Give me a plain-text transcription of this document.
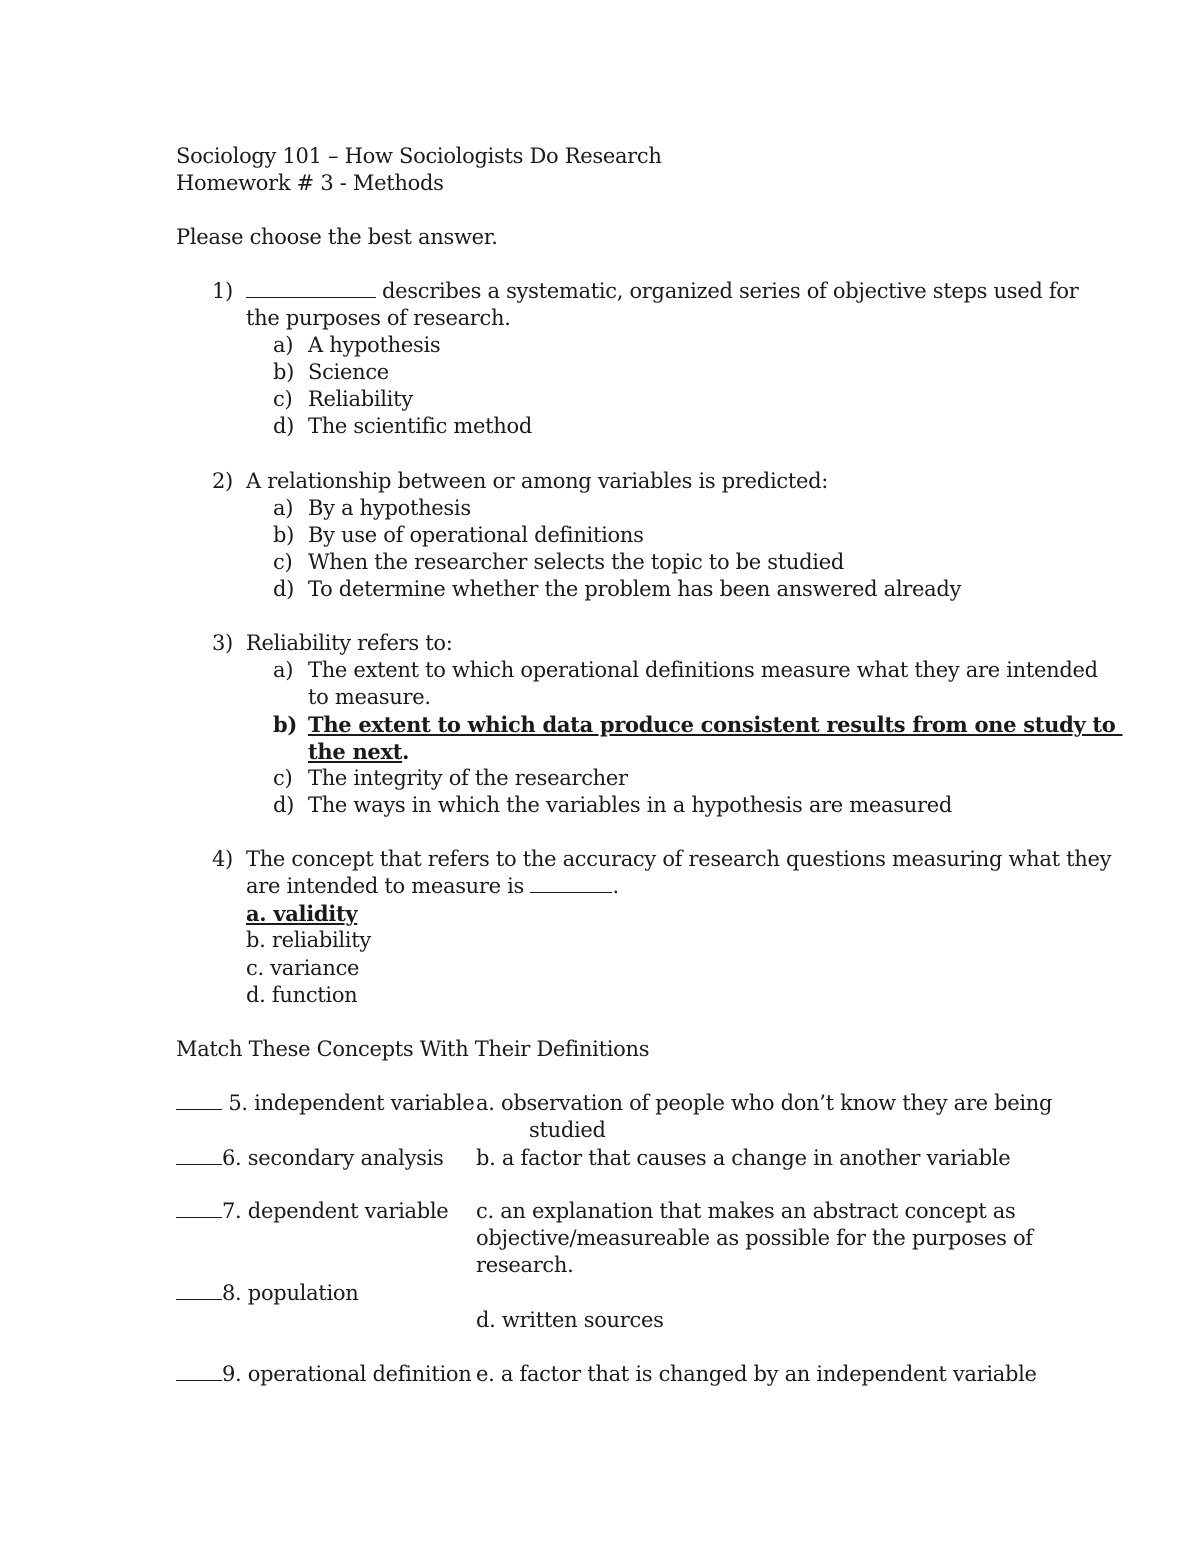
Sociology 101 – How Sociologists Do Research
Homework # 3 - Methods
Please choose the best answer.
1)	describes a systematic, organized series of objective steps used for
the purposes of research.
a) A hypothesis
b) Science
c) Reliability
d) The scientific method
2) A relationship between or among variables is predicted:
a) By a hypothesis
b) By use of operational definitions
c) When the researcher selects the topic to be studied
d) To determine whether the problem has been answered already
3) Reliability refers to:
a) The extent to which operational definitions measure what they are intended
to measure.
b) The extent to which data produce consistent results from one study to
the next.
c) The integrity of the researcher
d) The ways in which the variables in a hypothesis are measured
4) The concept that refers to the accuracy of research questions measuring what they
are intended to measure is	.
a. validity
b. reliability
c. variance
d. function
Match These Concepts With Their Definitions
5. independent variable
6. secondary analysis
7. dependent variable
8. population
9. operational definition
a. observation of people who don’t know they are being
studied
b. a factor that causes a change in another variable
c. an explanation that makes an abstract concept as
objective/measureable as possible for the purposes of
research.
d. written sources
e. a factor that is changed by an independent variable
